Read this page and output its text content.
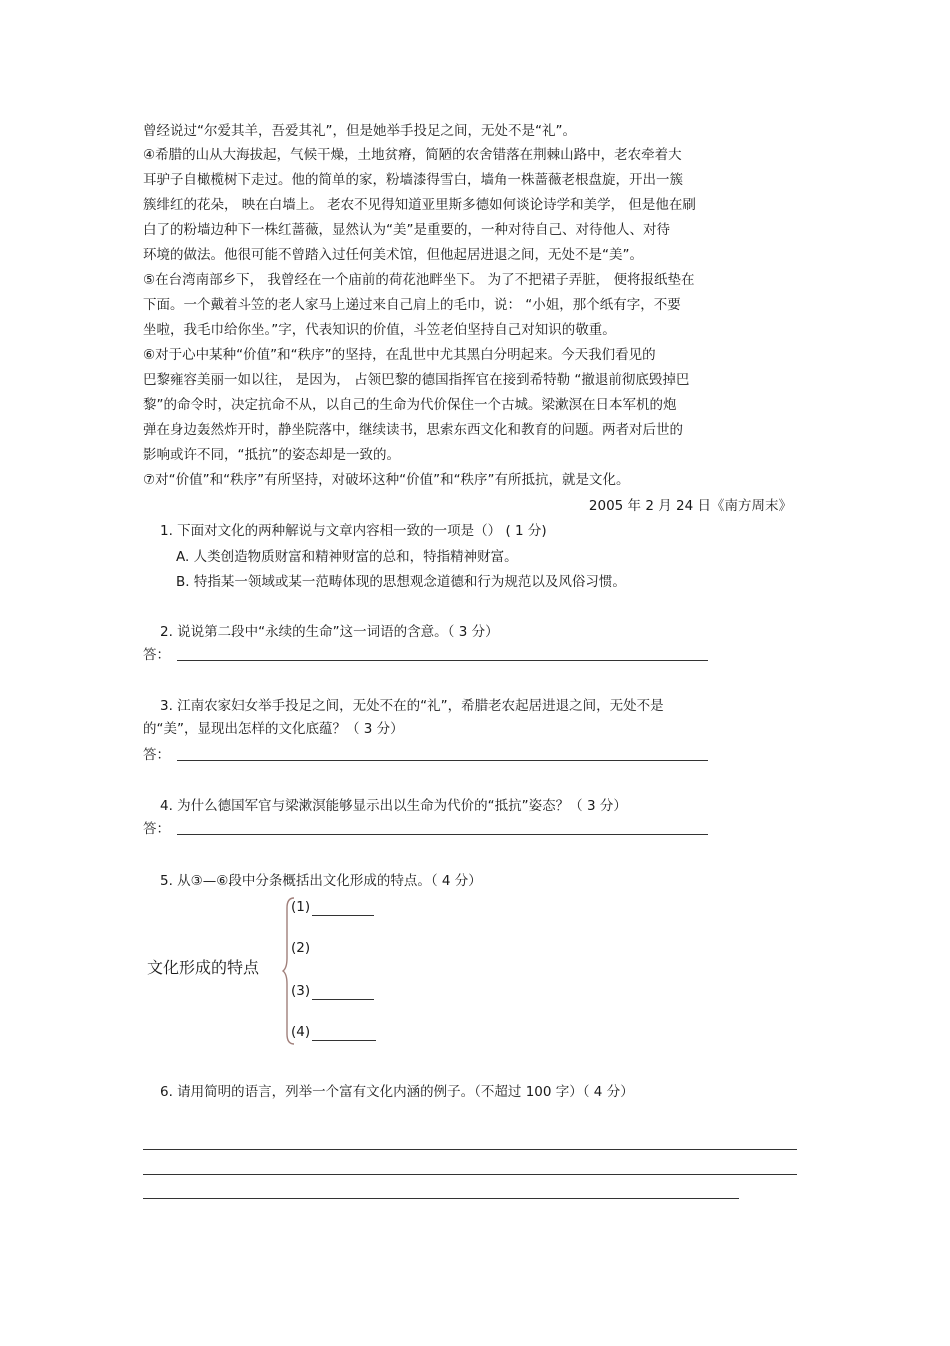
曾经说过“尔爱其羊，吾爱其礼”，但是她举手投足之间，无处不是“礼”。
④希腊的山从大海拔起，气候干燥，土地贫瘠，简陋的农舍错落在荆棘山路中，老农牵着大
耳驴子自橄榄树下走过。他的简单的家，粉墙漆得雪白，墙角一株蔷薇老根盘旋，开出一簇
簇绯红的花朵， 映在白墙上。 老农不见得知道亚里斯多德如何谈论诗学和美学， 但是他在刷
白了的粉墙边种下一株红蔷薇，显然认为“美”是重要的，一种对待自己、对待他人、对待
环境的做法。他很可能不曾踏入过任何美术馆，但他起居进退之间，无处不是“美”。
⑤在台湾南部乡下， 我曾经在一个庙前的荷花池畔坐下。 为了不把裙子弄脏， 便将报纸垫在
下面。一个戴着斗笠的老人家马上递过来自己肩上的毛巾，说： “小姐，那个纸有字，不要
坐啦，我毛巾给你坐。”字，代表知识的价值，斗笠老伯坚持自己对知识的敬重。
⑥对于心中某种“价值”和“秩序”的坚持，在乱世中尤其黑白分明起来。今天我们看见的
巴黎雍容美丽一如以往， 是因为， 占领巴黎的德国指挥官在接到希特勒 “撤退前彻底毁掉巴
黎”的命令时，决定抗命不从，以自己的生命为代价保住一个古城。梁漱溟在日本军机的炮
弹在身边轰然炸开时，静坐院落中，继续读书，思索东西文化和教育的问题。两者对后世的
影响或许不同，“抵抗”的姿态却是一致的。
⑦对“价值”和“秩序”有所坚持，对破坏这种“价值”和“秩序”有所抵抗，就是文化。
2005 年 2 月 24 日《南方周末》
1. 下面对文化的两种解说与文章内容相一致的一项是（） ( 1 分)
A. 人类创造物质财富和精神财富的总和，特指精神财富。
B. 特指某一领域或某一范畴体现的思想观念道德和行为规范以及风俗习惯。
2. 说说第二段中“永续的生命”这一词语的含意。（ 3 分）
答：
3. 江南农家妇女举手投足之间，无处不在的“礼”，希腊老农起居进退之间，无处不是
的“美”，显现出怎样的文化底蕴？（ 3 分）
答：
4. 为什么德国军官与梁漱溟能够显示出以生命为代价的“抵抗”姿态？（ 3 分）
答：
5. 从③—⑥段中分条概括出文化形成的特点。（ 4 分）
文化形成的特点
(1)
(2)
(3)
(4)
6. 请用简明的语言，列举一个富有文化内涵的例子。（不超过 100 字）（ 4 分）
